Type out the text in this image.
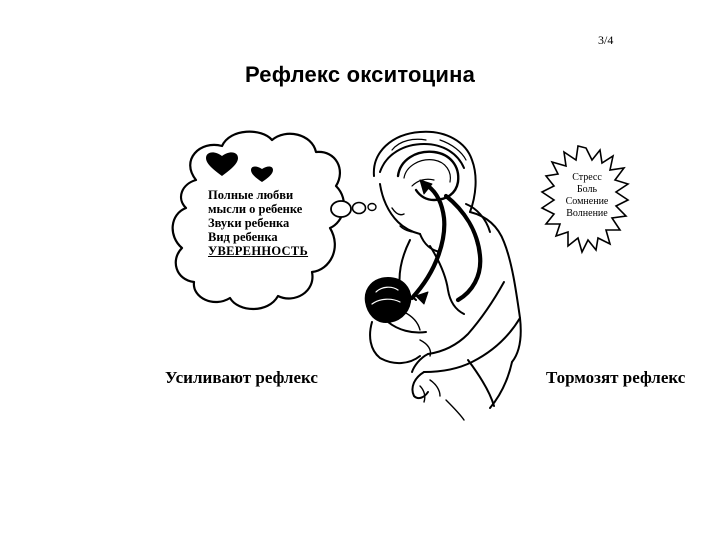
3/4
Рефлекс окситоцина
Полные любви
мысли о ребенке
Звуки ребенка
Вид ребенка
УВЕРЕННОСТЬ
Стресс
Боль
Сомнение
Волнение
Усиливают рефлекс	Тормозят рефлекс
